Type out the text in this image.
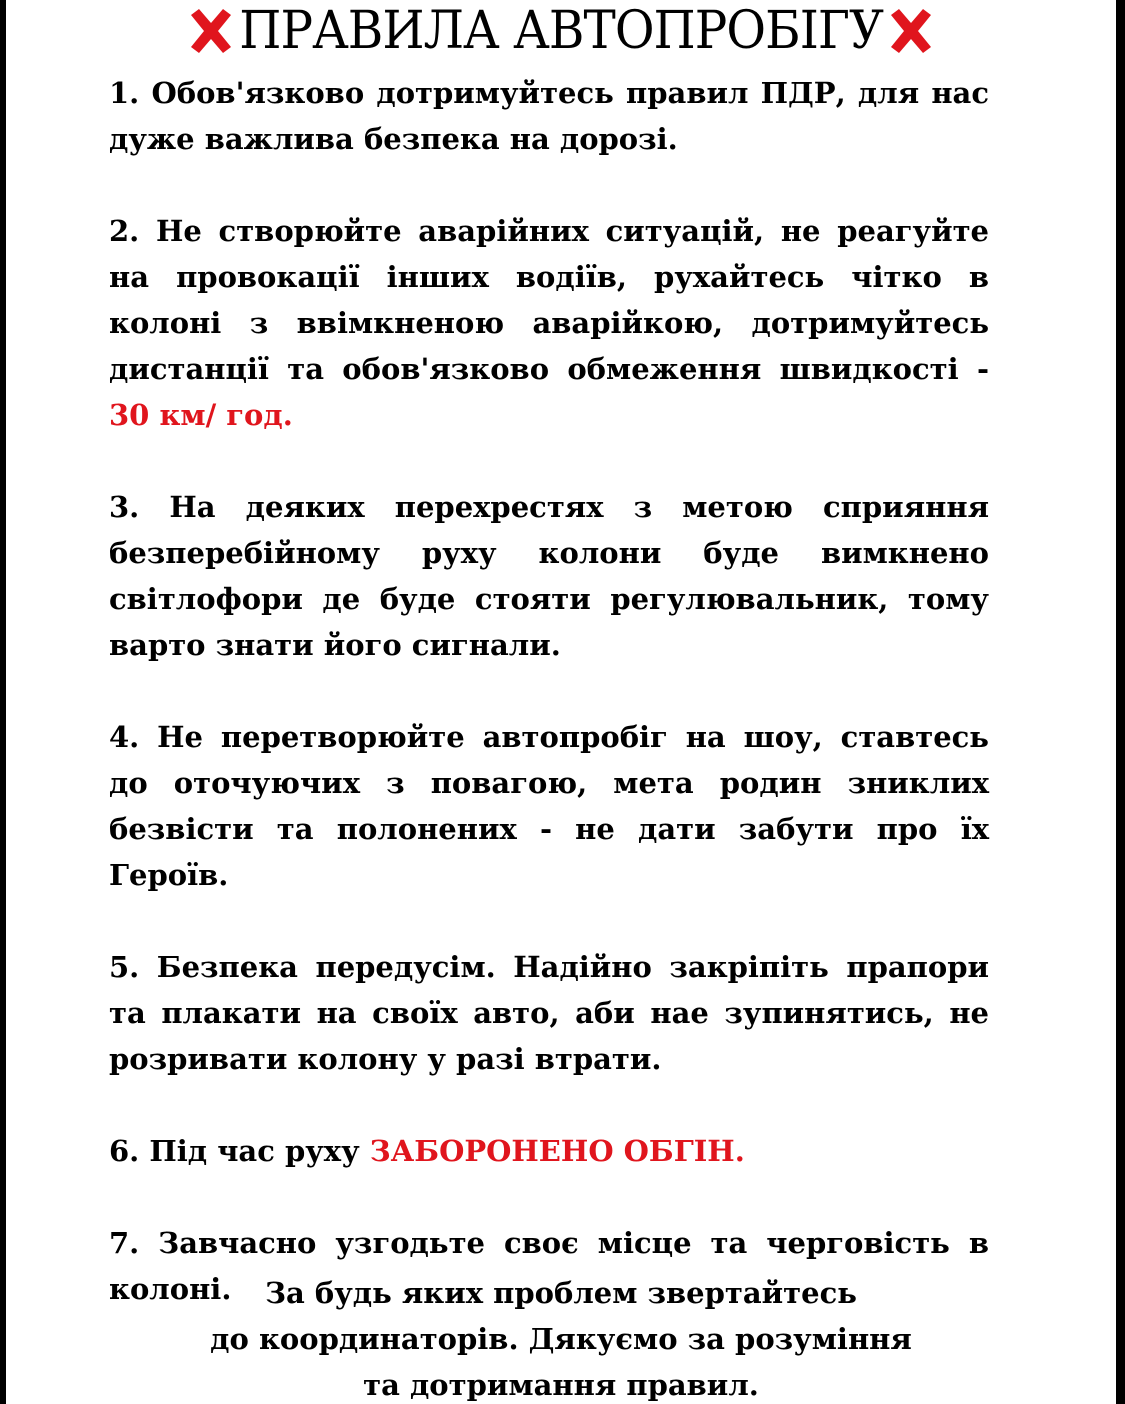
ПРАВИЛА АВТОПРОБІГУ

1. Обов'язково дотримуйтесь правил ПДР, для нас дуже важлива безпека на дорозі.

2. Не створюйте аварійних ситуацій, не реагуйте на провокації інших водіїв, рухайтесь чітко в колоні з ввімкненою аварійкою, дотримуйтесь дистанції та обов'язково обмеження швидкості - 30 км/ год.

3. На деяких перехрестях з метою сприяння безперебійному руху колони буде вимкнено світлофори де буде стояти регулювальник, тому варто знати його сигнали.

4. Не перетворюйте автопробіг на шоу, ставтесь до оточуючих з повагою, мета родин зниклих безвісти та полонених - не дати забути про їх Героїв.

5. Безпека передусім. Надійно закріпіть прапори та плакати на своїх авто, аби нае зупинятись, не розривати колону у разі втрати.

6. Під час руху ЗАБОРОНЕНО ОБГІН.

7. Завчасно узгодьте своє місце та черговість в колоні.	За будь яких проблем звертайтесь
до координаторів. Дякуємо за розуміння
та дотримання правил.
